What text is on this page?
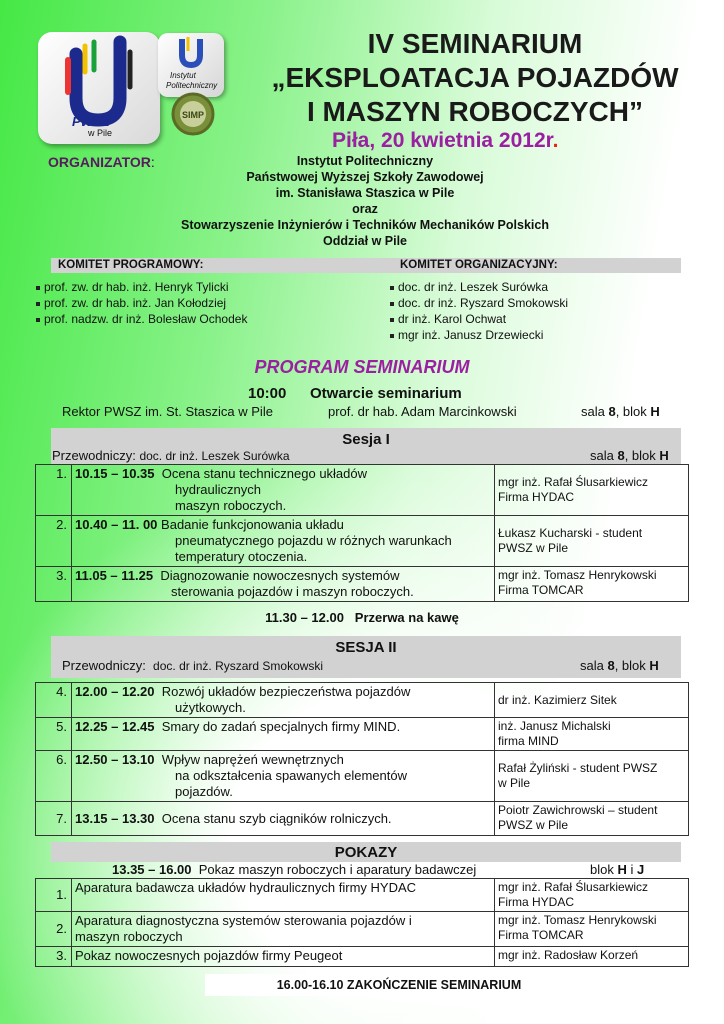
PWSZ
w Pile
Instytut
Politechniczny
SIMP
IV SEMINARIUM
„EKSPLOATACJA POJAZDÓW
I MASZYN ROBOCZYCH”
Piła, 20 kwietnia 2012r.
ORGANIZATOR:	Instytut Politechniczny
Państwowej Wyższej Szkoły Zawodowej
im. Stanisława Staszica w Pile
oraz
Stowarzyszenie Inżynierów i Techników Mechaników Polskich
Oddział w Pile
KOMITET PROGRAMOWY:	KOMITET ORGANIZACYJNY:
prof. zw. dr hab. inż. Henryk Tylicki
prof. zw. dr hab. inż. Jan Kołodziej
prof. nadzw. dr inż. Bolesław Ochodek
doc. dr inż. Leszek Surówka
doc. dr inż. Ryszard Smokowski
dr inż. Karol Ochwat
mgr inż. Janusz Drzewiecki
PROGRAM SEMINARIUM
10:00 Otwarcie seminarium
Rektor PWSZ im. St. Staszica w Pile	prof. dr hab. Adam Marcinkowski	sala 8, blok H
Sesja I
Przewodniczy: doc. dr inż. Leszek Surówka	sala 8, blok H
1.	10.15 – 10.35 Ocena stanu technicznego układów
hydraulicznych
maszyn roboczych.	mgr inż. Rafał Ślusarkiewicz
Firma HYDAC
2.	10.40 – 11. 00 Badanie funkcjonowania układu
pneumatycznego pojazdu w różnych warunkach
temperatury otoczenia.	Łukasz Kucharski - student
PWSZ w Pile
3.	11.05 – 11.25 Diagnozowanie nowoczesnych systemów
sterowania pojazdów i maszyn roboczych.	mgr inż. Tomasz Henrykowski
Firma TOMCAR
11.30 – 12.00 Przerwa na kawę
SESJA II
Przewodniczy: doc. dr inż. Ryszard Smokowski	sala 8, blok H
4.	12.00 – 12.20 Rozwój układów bezpieczeństwa pojazdów
użytkowych.	dr inż. Kazimierz Sitek
5.	12.25 – 12.45 Smary do zadań specjalnych firmy MIND.	inż. Janusz Michalski
firma MIND
6.	12.50 – 13.10 Wpływ naprężeń wewnętrznych
na odkształcenia spawanych elementów
pojazdów.	Rafał Żyliński - student PWSZ
w Pile
7.	13.15 – 13.30 Ocena stanu szyb ciągników rolniczych.	Poiotr Zawichrowski – student
PWSZ w Pile
POKAZY
13.35 – 16.00 Pokaz maszyn roboczych i aparatury badawczej	blok H i J
1.	Aparatura badawcza układów hydraulicznych firmy HYDAC	mgr inż. Rafał Ślusarkiewicz
Firma HYDAC
2.	Aparatura diagnostyczna systemów sterowania pojazdów i
maszyn roboczych	mgr inż. Tomasz Henrykowski
Firma TOMCAR
3.	Pokaz nowoczesnych pojazdów firmy Peugeot	mgr inż. Radosław Korzeń
16.00-16.10 ZAKOŃCZENIE SEMINARIUM
